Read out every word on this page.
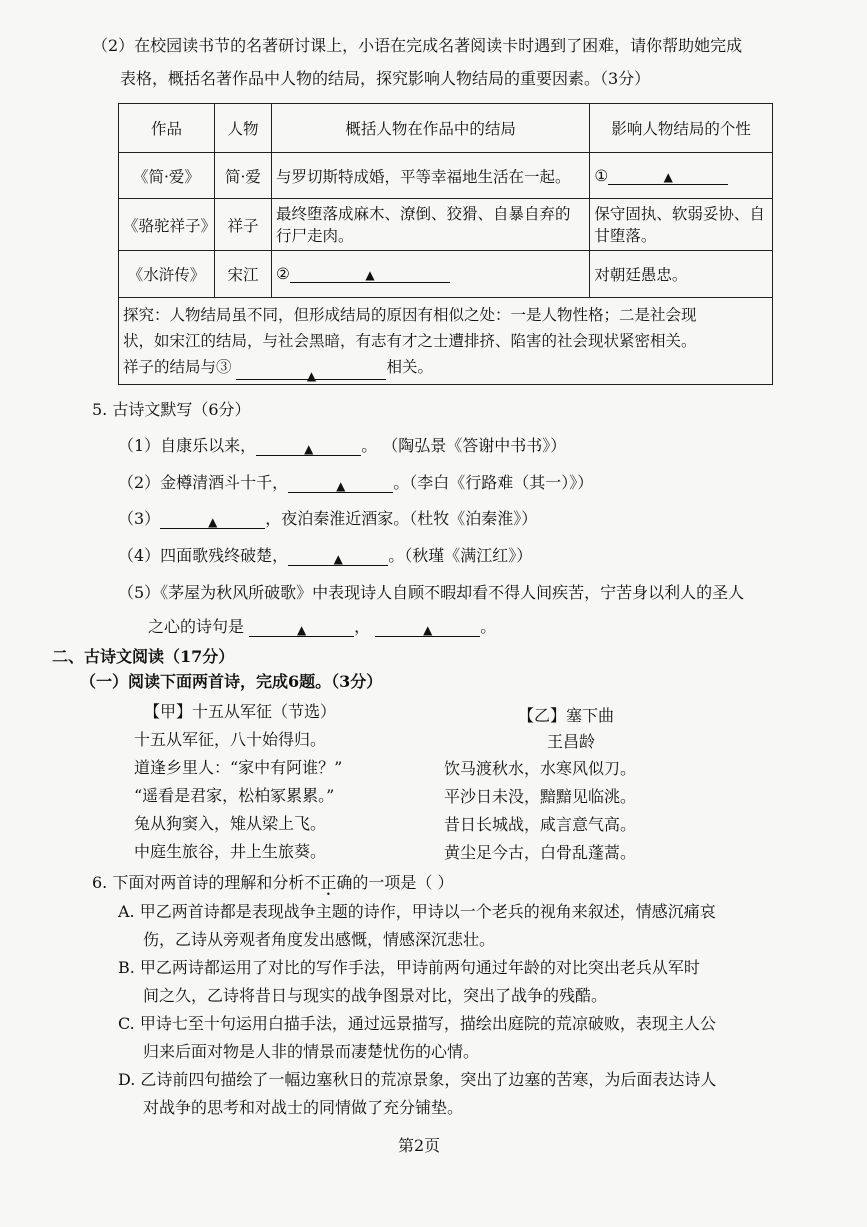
（2）在校园读书节的名著研讨课上，小语在完成名著阅读卡时遇到了困难，请你帮助她完成
表格，概括名著作品中人物的结局，探究影响人物结局的重要因素。（3分）
作品	人物	概括人物在作品中的结局	影响人物结局的个性
《简·爱》	简·爱	与罗切斯特成婚，平等幸福地生活在一起。	① ▲
《骆驼祥子》	祥子	最终堕落成麻木、潦倒、狡猾、自暴自弃的行尸走肉。	保守固执、软弱妥协、自甘堕落。
《水浒传》	宋江	② ▲	对朝廷愚忠。

探究：人物结局虽不同，但形成结局的原因有相似之处：一是人物性格；二是社会现
状，如宋江的结局，与社会黑暗，有志有才之士遭排挤、陷害的社会现状紧密相关。
祥子的结局与③ ▲ 相关。			
5. 古诗文默写（6分）
（1）自康乐以来，	▲	。 （陶弘景《答谢中书书》）
（2）金樽清酒斗十千，	▲	。（李白《行路难（其一）》）
（3）	▲	，夜泊秦淮近酒家。（杜牧《泊秦淮》）
（4）四面歌残终破楚，	▲	。（秋瑾《满江红》）
（5）《茅屋为秋风所破歌》中表现诗人自顾不暇却看不得人间疾苦，宁苦身以利人的圣人
之心的诗句是	▲	，	▲	。
二、古诗文阅读（17分）
（一）阅读下面两首诗，完成6题。（3分）
【甲】十五从军征（节选）
十五从军征，八十始得归。
道逢乡里人：“家中有阿谁？”
“遥看是君家，松柏冢累累。”
兔从狗窦入，雉从梁上飞。
中庭生旅谷，井上生旅葵。
【乙】塞下曲
王昌龄
饮马渡秋水，水寒风似刀。
平沙日未没，黯黯见临洮。
昔日长城战，咸言意气高。
黄尘足今古，白骨乱蓬蒿。
6. 下面对两首诗的理解和分析不正确的一项是（ ）
A. 甲乙两首诗都是表现战争主题的诗作，甲诗以一个老兵的视角来叙述，情感沉痛哀
伤，乙诗从旁观者角度发出感慨，情感深沉悲壮。
B. 甲乙两诗都运用了对比的写作手法，甲诗前两句通过年龄的对比突出老兵从军时
间之久，乙诗将昔日与现实的战争图景对比，突出了战争的残酷。
C. 甲诗七至十句运用白描手法，通过远景描写，描绘出庭院的荒凉破败，表现主人公
归来后面对物是人非的情景而凄楚忧伤的心情。
D. 乙诗前四句描绘了一幅边塞秋日的荒凉景象，突出了边塞的苦寒，为后面表达诗人
对战争的思考和对战士的同情做了充分铺垫。
第2页
